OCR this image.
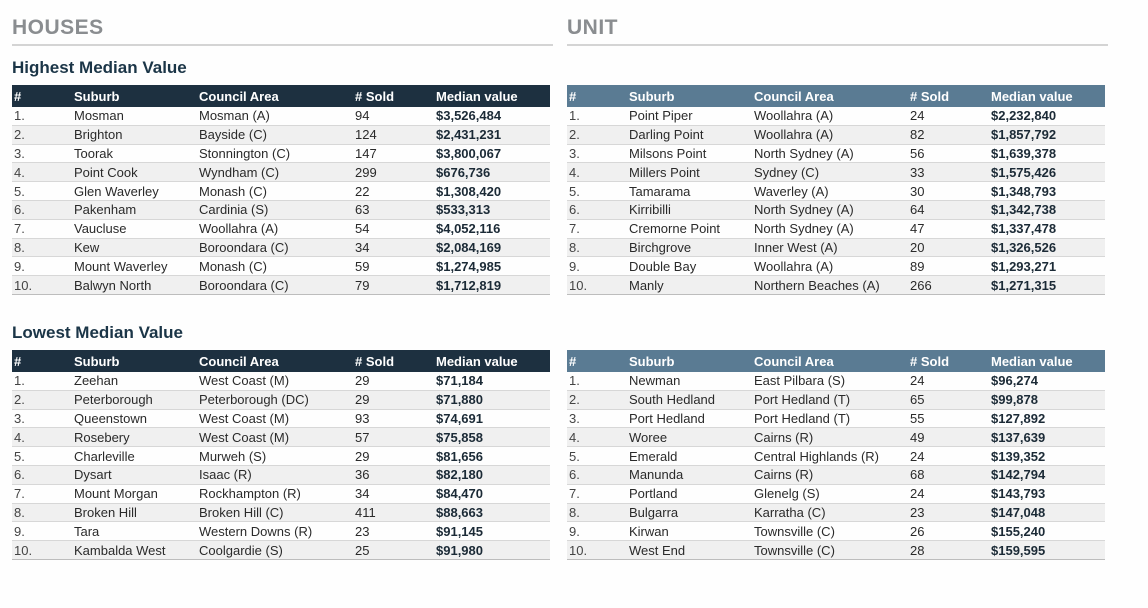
HOUSES	UNIT
Highest Median Value
Lowest Median Value
#	Suburb	Council Area	# Sold	Median value
1.	Mosman	Mosman (A)	94	$3,526,484
2.	Brighton	Bayside (C)	124	$2,431,231
3.	Toorak	Stonnington (C)	147	$3,800,067
4.	Point Cook	Wyndham (C)	299	$676,736
5.	Glen Waverley	Monash (C)	22	$1,308,420
6.	Pakenham	Cardinia (S)	63	$533,313
7.	Vaucluse	Woollahra (A)	54	$4,052,116
8.	Kew	Boroondara (C)	34	$2,084,169
9.	Mount Waverley	Monash (C)	59	$1,274,985
10.	Balwyn North	Boroondara (C)	79	$1,712,819
#	Suburb	Council Area	# Sold	Median value
1.	Point Piper	Woollahra (A)	24	$2,232,840
2.	Darling Point	Woollahra (A)	82	$1,857,792
3.	Milsons Point	North Sydney (A)	56	$1,639,378
4.	Millers Point	Sydney (C)	33	$1,575,426
5.	Tamarama	Waverley (A)	30	$1,348,793
6.	Kirribilli	North Sydney (A)	64	$1,342,738
7.	Cremorne Point	North Sydney (A)	47	$1,337,478
8.	Birchgrove	Inner West (A)	20	$1,326,526
9.	Double Bay	Woollahra (A)	89	$1,293,271
10.	Manly	Northern Beaches (A)	266	$1,271,315
#	Suburb	Council Area	# Sold	Median value
1.	Zeehan	West Coast (M)	29	$71,184
2.	Peterborough	Peterborough (DC)	29	$71,880
3.	Queenstown	West Coast (M)	93	$74,691
4.	Rosebery	West Coast (M)	57	$75,858
5.	Charleville	Murweh (S)	29	$81,656
6.	Dysart	Isaac (R)	36	$82,180
7.	Mount Morgan	Rockhampton (R)	34	$84,470
8.	Broken Hill	Broken Hill (C)	411	$88,663
9.	Tara	Western Downs (R)	23	$91,145
10.	Kambalda West	Coolgardie (S)	25	$91,980
#	Suburb	Council Area	# Sold	Median value
1.	Newman	East Pilbara (S)	24	$96,274
2.	South Hedland	Port Hedland (T)	65	$99,878
3.	Port Hedland	Port Hedland (T)	55	$127,892
4.	Woree	Cairns (R)	49	$137,639
5.	Emerald	Central Highlands (R)	24	$139,352
6.	Manunda	Cairns (R)	68	$142,794
7.	Portland	Glenelg (S)	24	$143,793
8.	Bulgarra	Karratha (C)	23	$147,048
9.	Kirwan	Townsville (C)	26	$155,240
10.	West End	Townsville (C)	28	$159,595
